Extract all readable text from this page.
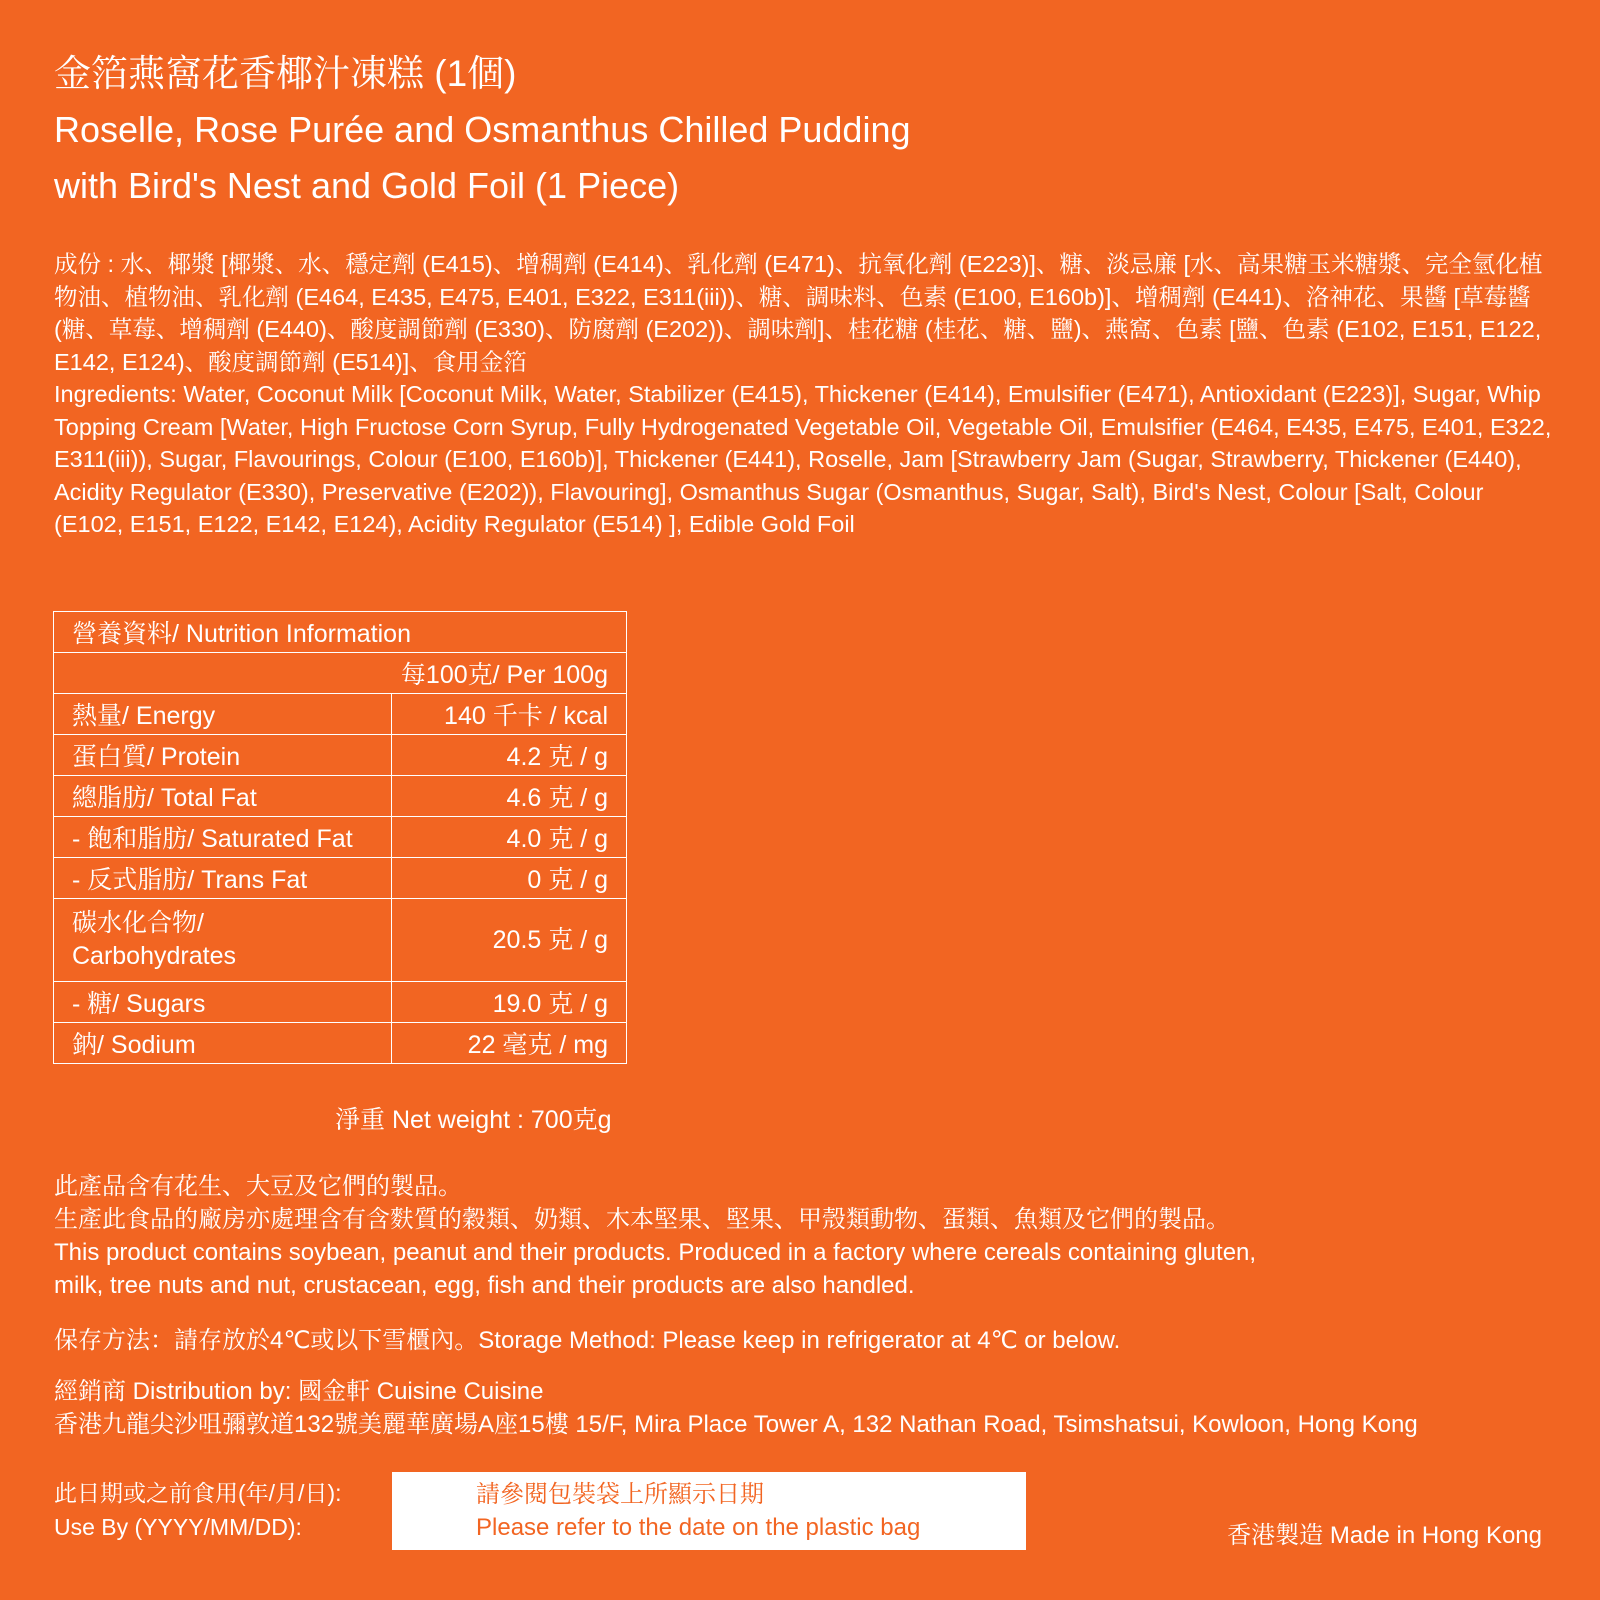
金箔燕窩花香椰汁凍糕 (1個)
Roselle, Rose Purée and Osmanthus Chilled Pudding
with Bird's Nest and Gold Foil (1 Piece)

成份 : 水、椰漿 [椰漿、水、穩定劑 (E415)、增稠劑 (E414)、乳化劑 (E471)、抗氧化劑 (E223)]、糖、淡忌廉 [水、高果糖玉米糖漿、完全氫化植物油、植物油、乳化劑 (E464, E435, E475, E401, E322, E311(iii))、糖、調味料、色素 (E100, E160b)]、增稠劑 (E441)、洛神花、果醬 [草莓醬 (糖、草莓、增稠劑 (E440)、酸度調節劑 (E330)、防腐劑 (E202))、調味劑]、桂花糖 (桂花、糖、鹽)、燕窩、色素 [鹽、色素 (E102, E151, E122, E142, E124)、酸度調節劑 (E514)]、食用金箔

Ingredients: Water, Coconut Milk [Coconut Milk, Water, Stabilizer (E415), Thickener (E414), Emulsifier (E471), Antioxidant (E223)], Sugar, Whip Topping Cream [Water, High Fructose Corn Syrup, Fully Hydrogenated Vegetable Oil, Vegetable Oil, Emulsifier (E464, E435, E475, E401, E322, E311(iii)), Sugar, Flavourings, Colour (E100, E160b)], Thickener (E441), Roselle, Jam [Strawberry Jam (Sugar, Strawberry, Thickener (E440), Acidity Regulator (E330), Preservative (E202)), Flavouring], Osmanthus Sugar (Osmanthus, Sugar, Salt), Bird's Nest, Colour [Salt, Colour (E102, E151, E122, E142, E124), Acidity Regulator (E514) ], Edible Gold Foil

營養資料/ Nutrition Information	
每100克/ Per 100g	
熱量/ Energy	140 千卡 / kcal
蛋白質/ Protein	4.2 克 / g
總脂肪/ Total Fat	4.6 克 / g
- 飽和脂肪/ Saturated Fat	4.0 克 / g
- 反式脂肪/ Trans Fat	0 克 / g
碳水化合物/
Carbohydrates	20.5 克 / g
- 糖/ Sugars	19.0 克 / g
鈉/ Sodium	22 毫克 / mg
淨重 Net weight : 700克g

此產品含有花生、大豆及它們的製品。

生產此食品的廠房亦處理含有含麩質的穀類、奶類、木本堅果、堅果、甲殼類動物、蛋類、魚類及它們的製品。

This product contains soybean, peanut and their products. Produced in a factory where cereals containing gluten,

milk, tree nuts and nut, crustacean, egg, fish and their products are also handled.

保存方法：請存放於4℃或以下雪櫃內。Storage Method: Please keep in refrigerator at 4℃ or below.

經銷商 Distribution by: 國金軒 Cuisine Cuisine

香港九龍尖沙咀彌敦道132號美麗華廣場A座15樓 15/F, Mira Place Tower A, 132 Nathan Road, Tsimshatsui, Kowloon, Hong Kong

此日期或之前食用(年/月/日):

Use By (YYYY/MM/DD):

請參閱包裝袋上所顯示日期

Please refer to the date on the plastic bag	香港製造 Made in Hong Kong
